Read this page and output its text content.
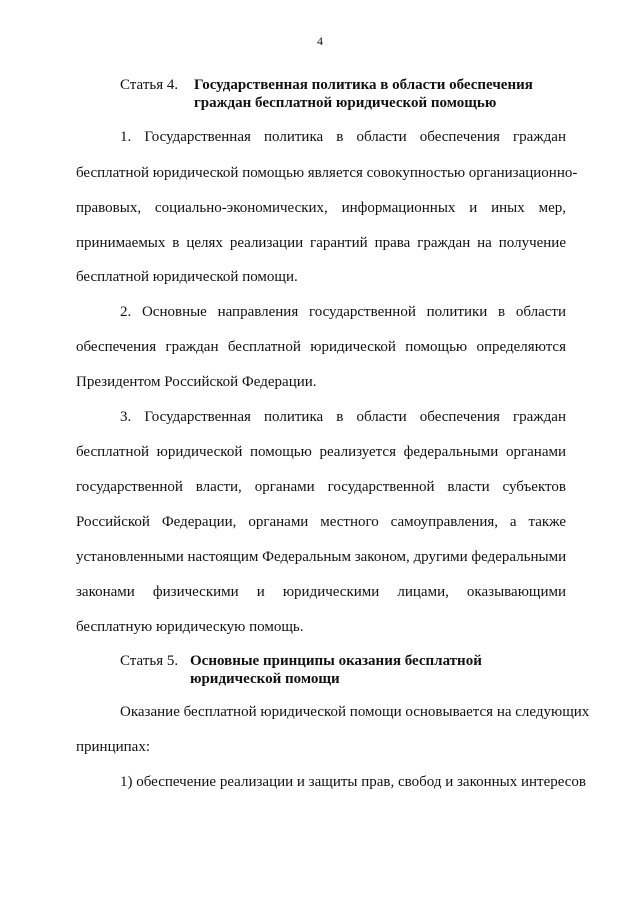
4
Статья 4. Государственная политика в области обеспечения
граждан бесплатной юридической помощью
1. Государственная политика в области обеспечения граждан
бесплатной юридической помощью является совокупностью организационно-
правовых, социально-экономических, информационных и иных мер,
принимаемых в целях реализации гарантий права граждан на получение
бесплатной юридической помощи.
2. Основные направления государственной политики в области
обеспечения граждан бесплатной юридической помощью определяются
Президентом Российской Федерации.
3. Государственная политика в области обеспечения граждан
бесплатной юридической помощью реализуется федеральными органами
государственной власти, органами государственной власти субъектов
Российской Федерации, органами местного самоуправления, а также
установленными настоящим Федеральным законом, другими федеральными
законами физическими и юридическими лицами, оказывающими
бесплатную юридическую помощь.
Статья 5. Основные принципы оказания бесплатной
юридической помощи
Оказание бесплатной юридической помощи основывается на следующих
принципах:
1) обеспечение реализации и защиты прав, свобод и законных интересов
